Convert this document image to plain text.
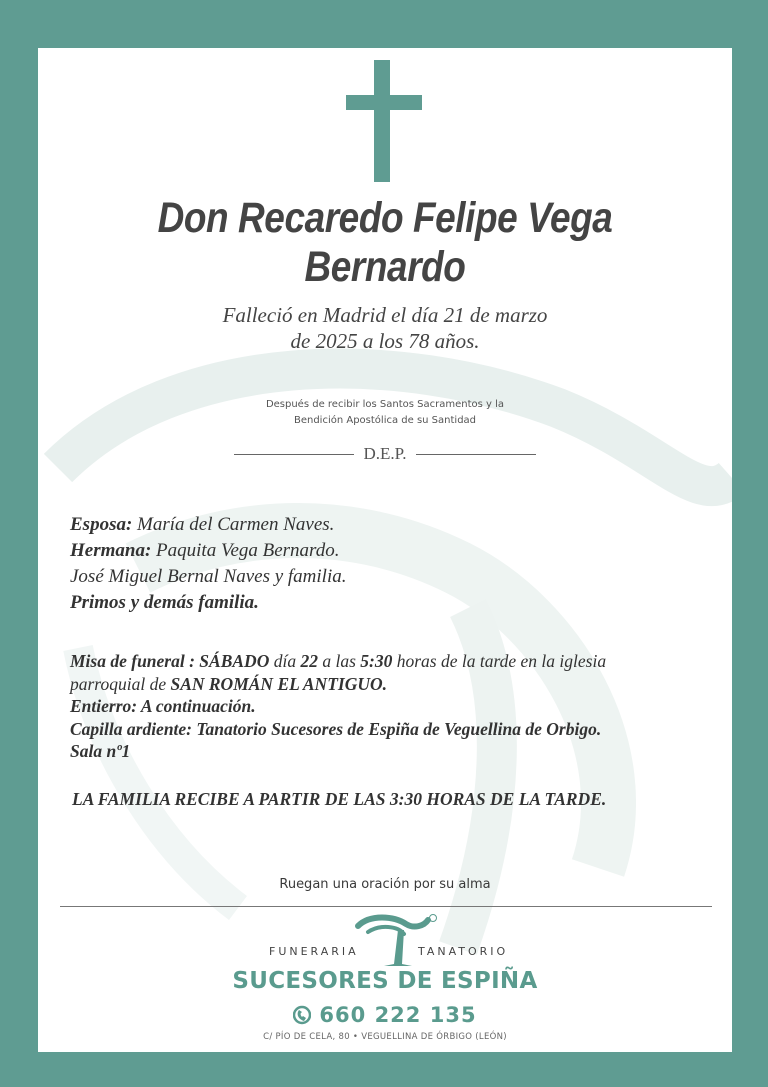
Don Recaredo Felipe Vega Bernardo
Falleció en Madrid el día 21 de marzo
de 2025 a los 78 años.
Después de recibir los Santos Sacramentos y la
Bendición Apostólica de su Santidad
D.E.P.
Esposa: María del Carmen Naves.
Hermana: Paquita Vega Bernardo.
José Miguel Bernal Naves y familia.
Primos y demás familia.
Misa de funeral : SÁBADO día 22 a las 5:30 horas de la tarde en la iglesia
parroquial de SAN ROMÁN EL ANTIGUO.
Entierro: A continuación.
Capilla ardiente: Tanatorio Sucesores de Espiña de Veguellina de Orbigo.
Sala nº1
LA FAMILIA RECIBE A PARTIR DE LAS 3:30 HORAS DE LA TARDE.
Ruegan una oración por su alma
FUNERARIA	TANATORIO
SUCESORES DE ESPIÑA
660 222 135
C/ PÍO DE CELA, 80 • VEGUELLINA DE ÓRBIGO (LEÓN)
